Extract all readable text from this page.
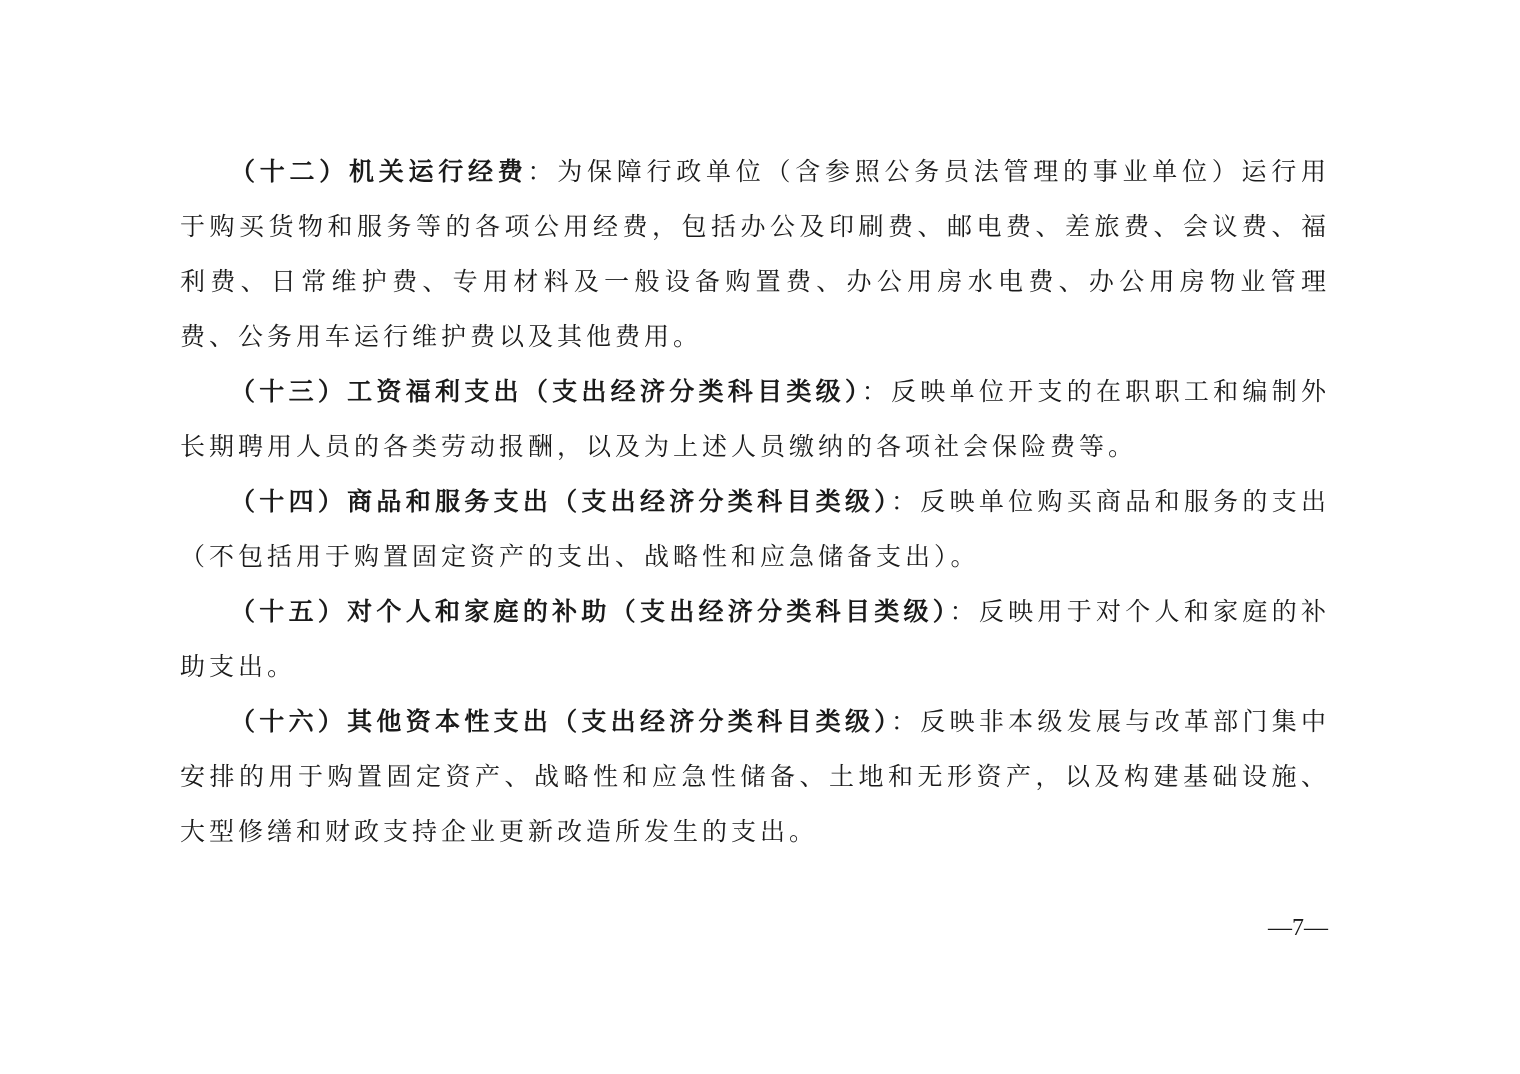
（十二）机关运行经费：为保障行政单位（含参照公务员法管理的事业单位）运行用于购买货物和服务等的各项公用经费，包括办公及印刷费、邮电费、差旅费、会议费、福利费、日常维护费、专用材料及一般设备购置费、办公用房水电费、办公用房物业管理费、公务用车运行维护费以及其他费用。

（十三）工资福利支出（支出经济分类科目类级）：反映单位开支的在职职工和编制外长期聘用人员的各类劳动报酬，以及为上述人员缴纳的各项社会保险费等。

（十四）商品和服务支出（支出经济分类科目类级）：反映单位购买商品和服务的支出（不包括用于购置固定资产的支出、战略性和应急储备支出）。

（十五）对个人和家庭的补助（支出经济分类科目类级）：反映用于对个人和家庭的补助支出。

（十六）其他资本性支出（支出经济分类科目类级）：反映非本级发展与改革部门集中安排的用于购置固定资产、战略性和应急性储备、土地和无形资产，以及构建基础设施、大型修缮和财政支持企业更新改造所发生的支出。

—7—
